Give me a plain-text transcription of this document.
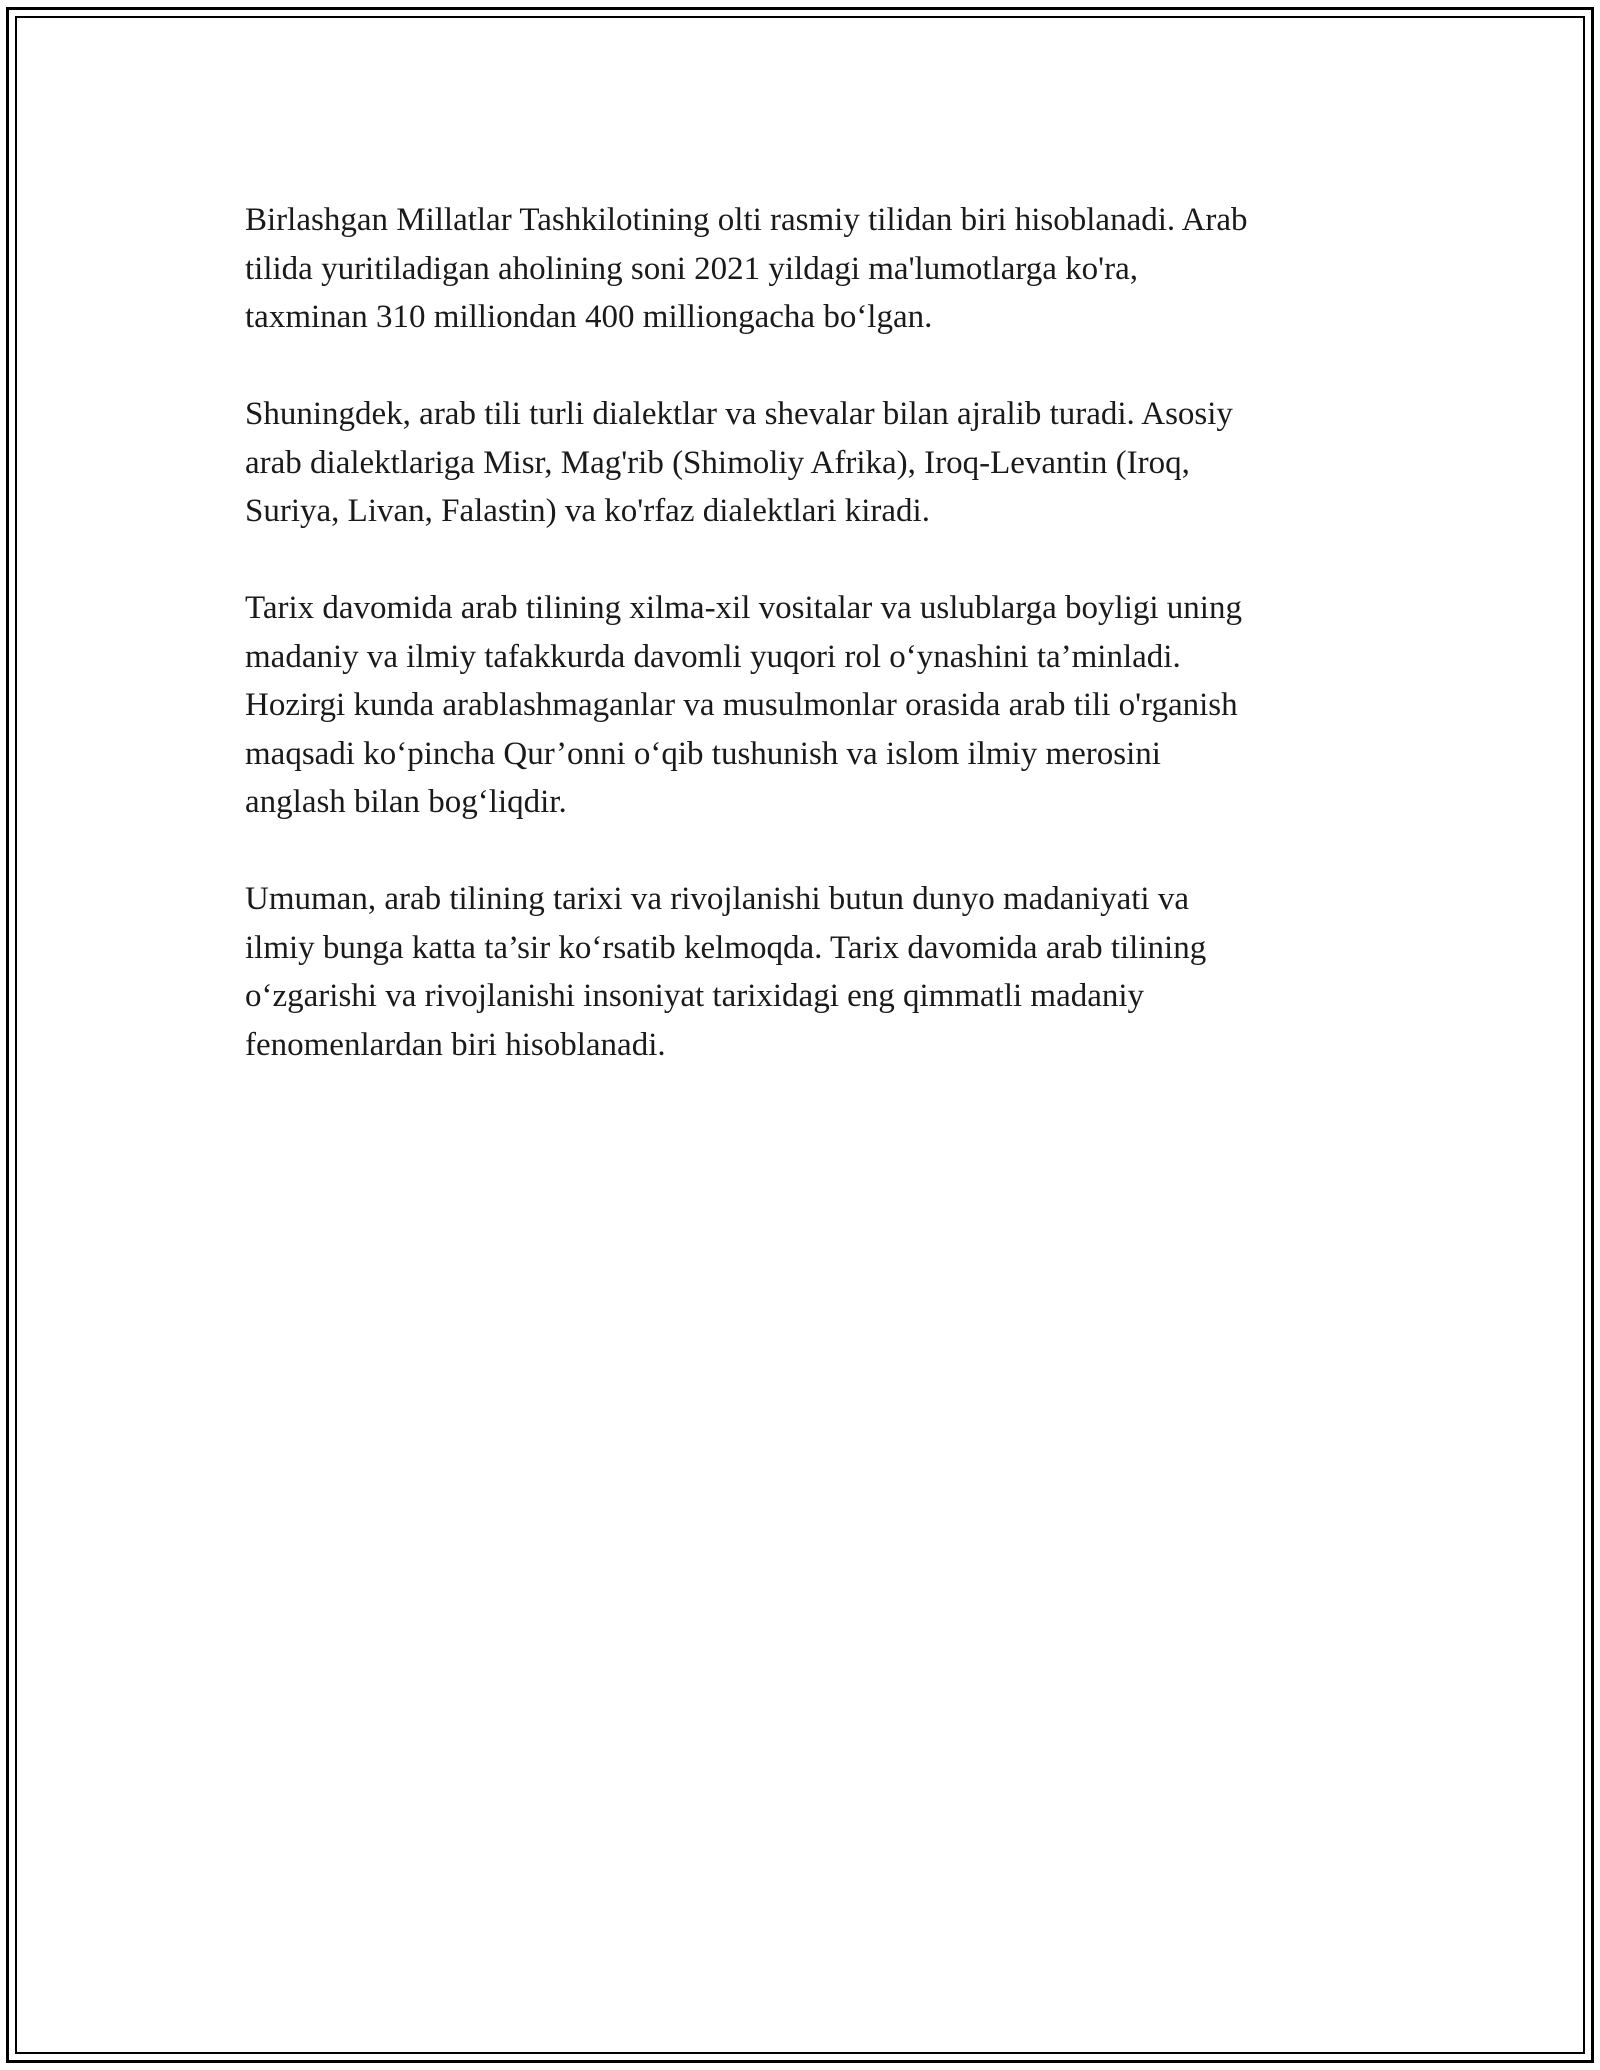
Birlashgan Millatlar Tashkilotining olti rasmiy tilidan biri hisoblanadi. Arab
tilida yuritiladigan aholining soni 2021 yildagi ma'lumotlarga ko'ra,
taxminan 310 milliondan 400 milliongacha bo‘lgan.

Shuningdek, arab tili turli dialektlar va shevalar bilan ajralib turadi. Asosiy
arab dialektlariga Misr, Mag'rib (Shimoliy Afrika), Iroq-Levantin (Iroq,
Suriya, Livan, Falastin) va ko'rfaz dialektlari kiradi.

Tarix davomida arab tilining xilma-xil vositalar va uslublarga boyligi uning
madaniy va ilmiy tafakkurda davomli yuqori rol o‘ynashini ta’minladi.
Hozirgi kunda arablashmaganlar va musulmonlar orasida arab tili o'rganish
maqsadi ko‘pincha Qur’onni o‘qib tushunish va islom ilmiy merosini
anglash bilan bog‘liqdir.

Umuman, arab tilining tarixi va rivojlanishi butun dunyo madaniyati va
ilmiy bunga katta ta’sir ko‘rsatib kelmoqda. Tarix davomida arab tilining
o‘zgarishi va rivojlanishi insoniyat tarixidagi eng qimmatli madaniy
fenomenlardan biri hisoblanadi.
